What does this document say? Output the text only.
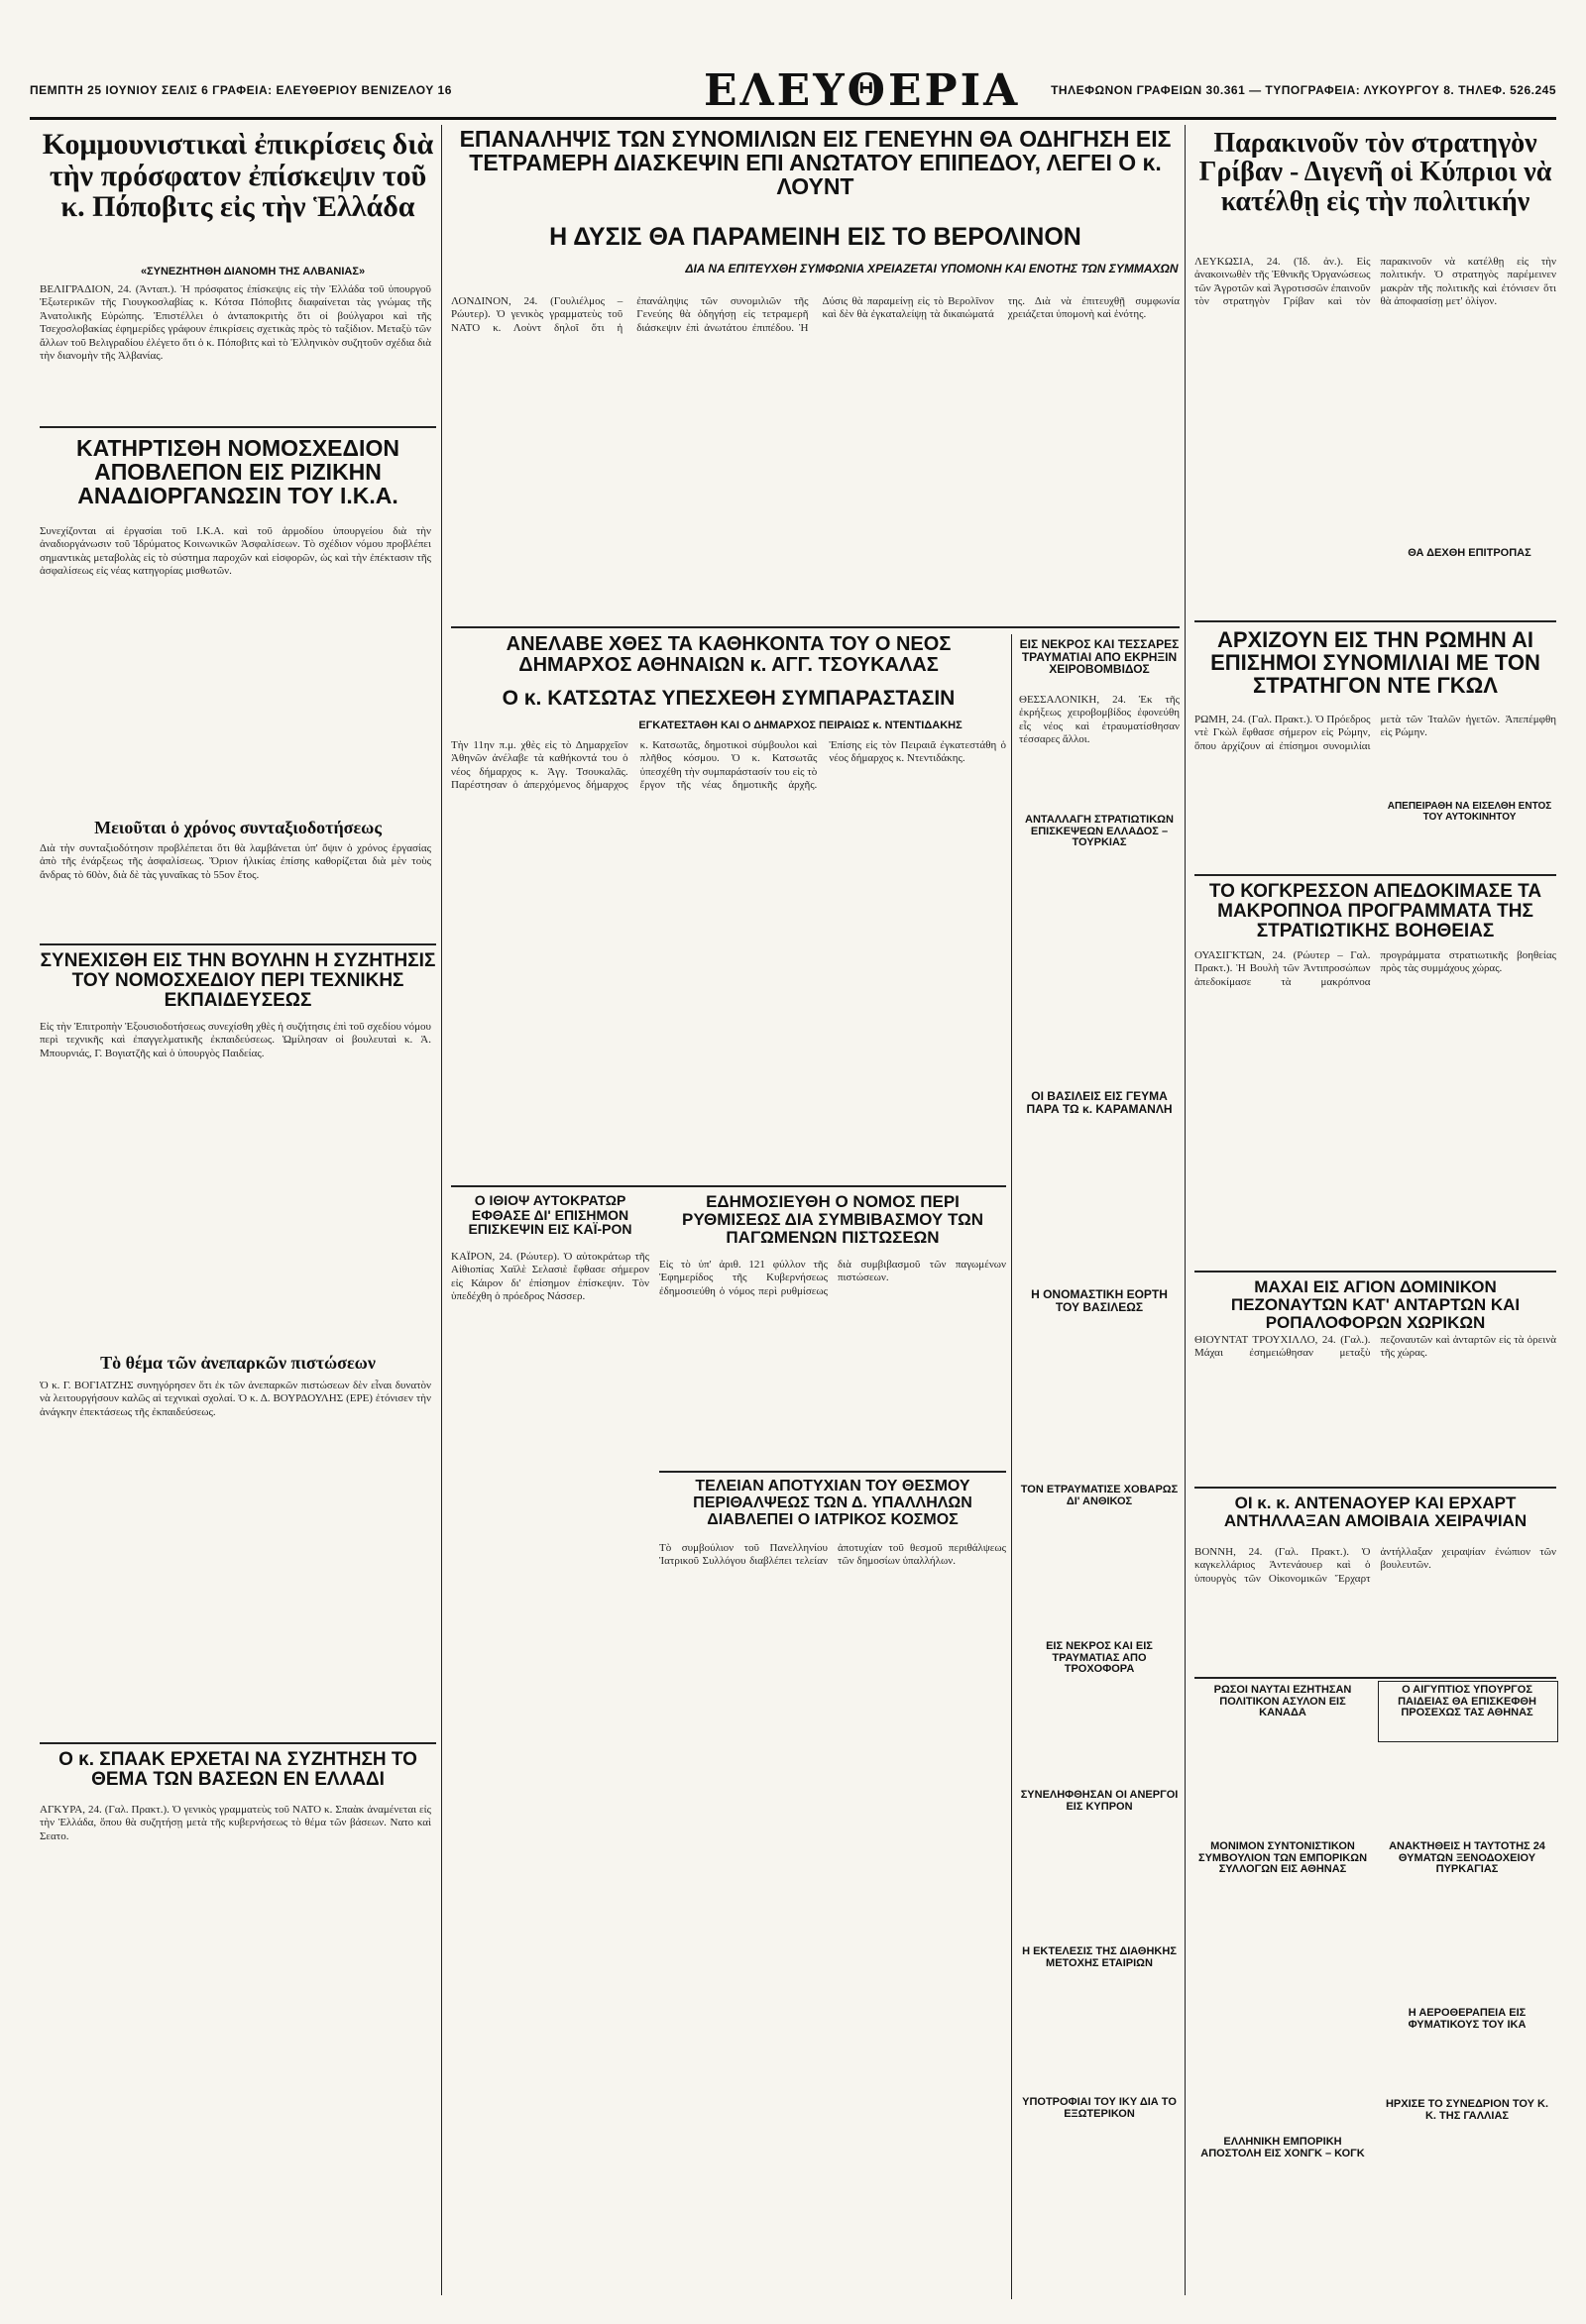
ΠΕΜΠΤΗ 25 ΙΟΥΝΙΟΥ ΣΕΛΙΣ 6 ΓΡΑΦΕΙΑ: ΕΛΕΥΘΕΡΙΟΥ ΒΕΝΙΖΕΛΟΥ 16	ΕΛΕΥΘΕΡΙΑ	ΤΗΛΕΦΩΝΟΝ ΓΡΑΦΕΙΩΝ 30.361 — ΤΥΠΟΓΡΑΦΕΙΑ: ΛΥΚΟΥΡΓΟΥ 8. ΤΗΛΕΦ. 526.245
Κομμουνιστικαὶ ἐπικρίσεις διὰ τὴν πρόσφατον ἐπίσκεψιν τοῦ κ. Πόποβιτς εἰς τὴν Ἑλλάδα
«ΣΥΝΕΖΗΤΗΘΗ ΔΙΑΝΟΜΗ ΤΗΣ ΑΛΒΑΝΙΑΣ»
ΒΕΛΙΓΡΑΔΙΟΝ, 24. (Ἀνταπ.). Ἡ πρόσφατος ἐπίσκεψις εἰς τὴν Ἑλλάδα τοῦ ὑπουργοῦ Ἐξωτερικῶν τῆς Γιουγκοσλαβίας κ. Κότσα Πόποβιτς διαφαίνεται τὰς γνώμας τῆς Ἀνατολικῆς Εὐρώπης. Ἐπιστέλλει ὁ ἀνταποκριτὴς ὅτι οἱ βούλγαροι καὶ τῆς Τσεχοσλοβακίας ἐφημερίδες γράφουν ἐπικρίσεις σχετικὰς πρὸς τὸ ταξίδιον. Μεταξὺ τῶν ἄλλων τοῦ Βελιγραδίου ἐλέγετο ὅτι ὁ κ. Πόποβιτς καὶ τὸ Ἑλληνικὸν συζητοῦν σχέδια διὰ τὴν διανομὴν τῆς Ἀλβανίας.
ΚΑΤΗΡΤΙΣΘΗ ΝΟΜΟΣΧΕΔΙΟΝ ΑΠΟΒΛΕΠΟΝ ΕΙΣ ΡΙΖΙΚΗΝ ΑΝΑΔΙΟΡΓΑΝΩΣΙΝ ΤΟΥ Ι.Κ.Α.
Συνεχίζονται αἱ ἐργασίαι τοῦ Ι.Κ.Α. καὶ τοῦ ἁρμοδίου ὑπουργείου διὰ τὴν ἀναδιοργάνωσιν τοῦ Ἱδρύματος Κοινωνικῶν Ἀσφαλίσεων. Τὸ σχέδιον νόμου προβλέπει σημαντικὰς μεταβολὰς εἰς τὸ σύστημα παροχῶν καὶ εἰσφορῶν, ὡς καὶ τὴν ἐπέκτασιν τῆς ἀσφαλίσεως εἰς νέας κατηγορίας μισθωτῶν.
Μειοῦται ὁ χρόνος συνταξιοδοτήσεως
Διὰ τὴν συνταξιοδότησιν προβλέπεται ὅτι θὰ λαμβάνεται ὑπ' ὄψιν ὁ χρόνος ἐργασίας ἀπὸ τῆς ἐνάρξεως τῆς ἀσφαλίσεως. Ὅριον ἡλικίας ἐπίσης καθορίζεται διὰ μὲν τοὺς ἄνδρας τὸ 60ὸν, διὰ δὲ τὰς γυναῖκας τὸ 55ον ἔτος.
ΣΥΝΕΧΙΣΘΗ ΕΙΣ ΤΗΝ ΒΟΥΛΗΝ Η ΣΥΖΗΤΗΣΙΣ ΤΟΥ ΝΟΜΟΣΧΕΔΙΟΥ ΠΕΡΙ ΤΕΧΝΙΚΗΣ ΕΚΠΑΙΔΕΥΣΕΩΣ
Εἰς τὴν Ἐπιτροπὴν Ἐξουσιοδοτήσεως συνεχίσθη χθὲς ἡ συζήτησις ἐπὶ τοῦ σχεδίου νόμου περὶ τεχνικῆς καὶ ἐπαγγελματικῆς ἐκπαιδεύσεως. Ὡμίλησαν οἱ βουλευταὶ κ. Ἀ. Μπουρνιάς, Γ. Βογιατζῆς καὶ ὁ ὑπουργὸς Παιδείας.
Τὸ θέμα τῶν ἀνεπαρκῶν πιστώσεων
Ὁ κ. Γ. ΒΟΓΙΑΤΖΗΣ συνηγόρησεν ὅτι ἐκ τῶν ἀνεπαρκῶν πιστώσεων δὲν εἶναι δυνατὸν νὰ λειτουργήσουν καλῶς αἱ τεχνικαὶ σχολαί. Ὁ κ. Δ. ΒΟΥΡΔΟΥΛΗΣ (ΕΡΕ) ἐτόνισεν τὴν ἀνάγκην ἐπεκτάσεως τῆς ἐκπαιδεύσεως.
Ο κ. ΣΠΑΑΚ ΕΡΧΕΤΑΙ ΝΑ ΣΥΖΗΤΗΣΗ ΤΟ ΘΕΜΑ ΤΩΝ ΒΑΣΕΩΝ ΕΝ ΕΛΛΑΔΙ
ΑΓΚΥΡΑ, 24. (Γαλ. Πρακτ.). Ὁ γενικὸς γραμματεὺς τοῦ ΝΑΤΟ κ. Σπαὰκ ἀναμένεται εἰς τὴν Ἑλλάδα, ὅπου θὰ συζητήσῃ μετὰ τῆς κυβερνήσεως τὸ θέμα τῶν βάσεων. Νατο καὶ Σεατο.
ΕΠΑΝΑΛΗΨΙΣ ΤΩΝ ΣΥΝΟΜΙΛΙΩΝ ΕΙΣ ΓΕΝΕΥΗΝ ΘΑ ΟΔΗΓΗΣΗ ΕΙΣ ΤΕΤΡΑΜΕΡΗ ΔΙΑΣΚΕΨΙΝ ΕΠΙ ΑΝΩΤΑΤΟΥ ΕΠΙΠΕΔΟΥ, ΛΕΓΕΙ Ο κ. ΛΟΥΝΤ
Η ΔΥΣΙΣ ΘΑ ΠΑΡΑΜΕΙΝΗ ΕΙΣ ΤΟ ΒΕΡΟΛΙΝΟΝ
ΔΙΑ ΝΑ ΕΠΙΤΕΥΧΘΗ ΣΥΜΦΩΝΙΑ ΧΡΕΙΑΖΕΤΑΙ ΥΠΟΜΟΝΗ ΚΑΙ ΕΝΟΤΗΣ ΤΩΝ ΣΥΜΜΑΧΩΝ
ΛΟΝΔΙΝΟΝ, 24. (Γουλιέλμος – Ρώυτερ). Ὁ γενικὸς γραμματεὺς τοῦ ΝΑΤΟ κ. Λοὺντ δηλοῖ ὅτι ἡ ἐπανάληψις τῶν συνομιλιῶν τῆς Γενεύης θὰ ὁδηγήσῃ εἰς τετραμερῆ διάσκεψιν ἐπὶ ἀνωτάτου ἐπιπέδου. Ἡ Δύσις θὰ παραμείνῃ εἰς τὸ Βερολῖνον καὶ δὲν θὰ ἐγκαταλείψῃ τὰ δικαιώματά της. Διὰ νὰ ἐπιτευχθῇ συμφωνία χρειάζεται ὑπομονὴ καὶ ἑνότης.
ΑΝΕΛΑΒΕ ΧΘΕΣ ΤΑ ΚΑΘΗΚΟΝΤΑ ΤΟΥ Ο ΝΕΟΣ ΔΗΜΑΡΧΟΣ ΑΘΗΝΑΙΩΝ κ. ΑΓΓ. ΤΣΟΥΚΑΛΑΣ
Ο κ. ΚΑΤΣΩΤΑΣ ΥΠΕΣΧΕΘΗ ΣΥΜΠΑΡΑΣΤΑΣΙΝ
ΕΓΚΑΤΕΣΤΑΘΗ ΚΑΙ Ο ΔΗΜΑΡΧΟΣ ΠΕΙΡΑΙΩΣ κ. ΝΤΕΝΤΙΔΑΚΗΣ
Τὴν 11ην π.μ. χθὲς εἰς τὸ Δημαρχεῖον Ἀθηνῶν ἀνέλαβε τὰ καθήκοντά του ὁ νέος δήμαρχος κ. Ἀγγ. Τσουκαλᾶς. Παρέστησαν ὁ ἀπερχόμενος δήμαρχος κ. Κατσωτᾶς, δημοτικοὶ σύμβουλοι καὶ πλῆθος κόσμου. Ὁ κ. Κατσωτᾶς ὑπεσχέθη τὴν συμπαράστασίν του εἰς τὸ ἔργον τῆς νέας δημοτικῆς ἀρχῆς. Ἐπίσης εἰς τὸν Πειραιᾶ ἐγκατεστάθη ὁ νέος δήμαρχος κ. Ντεντιδάκης.
Ο ΙΘΙΟΨ ΑΥΤΟΚΡΑΤΩΡ ΕΦΘΑΣΕ ΔΙ' ΕΠΙΣΗΜΟΝ ΕΠΙΣΚΕΨΙΝ ΕΙΣ ΚΑΪ-ΡΟΝ
ΚΑΪΡΟΝ, 24. (Ρώυτερ). Ὁ αὐτοκράτωρ τῆς Αἰθιοπίας Χαϊλὲ Σελασιὲ ἔφθασε σήμερον εἰς Κάιρον δι' ἐπίσημον ἐπίσκεψιν. Τὸν ὑπεδέχθη ὁ πρόεδρος Νάσσερ.
ΕΔΗΜΟΣΙΕΥΘΗ Ο ΝΟΜΟΣ ΠΕΡΙ ΡΥΘΜΙΣΕΩΣ ΔΙΑ ΣΥΜΒΙΒΑΣΜΟΥ ΤΩΝ ΠΑΓΩΜΕΝΩΝ ΠΙΣΤΩΣΕΩΝ
Εἰς τὸ ὑπ' ἀριθ. 121 φύλλον τῆς Ἐφημερίδος τῆς Κυβερνήσεως ἐδημοσιεύθη ὁ νόμος περὶ ρυθμίσεως διὰ συμβιβασμοῦ τῶν παγωμένων πιστώσεων.
ΤΕΛΕΙΑΝ ΑΠΟΤΥΧΙΑΝ ΤΟΥ ΘΕΣΜΟΥ ΠΕΡΙΘΑΛΨΕΩΣ ΤΩΝ Δ. ΥΠΑΛΛΗΛΩΝ ΔΙΑΒΛΕΠΕΙ Ο ΙΑΤΡΙΚΟΣ ΚΟΣΜΟΣ
Τὸ συμβούλιον τοῦ Πανελληνίου Ἰατρικοῦ Συλλόγου διαβλέπει τελείαν ἀποτυχίαν τοῦ θεσμοῦ περιθάλψεως τῶν δημοσίων ὑπαλλήλων.
ΕΙΣ ΝΕΚΡΟΣ ΚΑΙ ΤΕΣΣΑΡΕΣ ΤΡΑΥΜΑΤΙΑΙ ΑΠΟ ΕΚΡΗΞΙΝ ΧΕΙΡΟΒΟΜΒΙΔΟΣ
ΘΕΣΣΑΛΟΝΙΚΗ, 24. Ἐκ τῆς ἐκρήξεως χειροβομβίδος ἐφονεύθη εἷς νέος καὶ ἐτραυματίσθησαν τέσσαρες ἄλλοι.
ΑΝΤΑΛΛΑΓΗ ΣΤΡΑΤΙΩΤΙΚΩΝ ΕΠΙΣΚΕΨΕΩΝ ΕΛΛΑΔΟΣ – ΤΟΥΡΚΙΑΣ
ΟΙ ΒΑΣΙΛΕΙΣ ΕΙΣ ΓΕΥΜΑ ΠΑΡΑ ΤΩ κ. ΚΑΡΑΜΑΝΛΗ
Η ΟΝΟΜΑΣΤΙΚΗ ΕΟΡΤΗ ΤΟΥ ΒΑΣΙΛΕΩΣ
ΤΟΝ ΕΤΡΑΥΜΑΤΙΣΕ ΧΟΒΑΡΩΣ ΔΙ' ΑΝΘΙΚΟΣ
ΕΙΣ ΝΕΚΡΟΣ ΚΑΙ ΕΙΣ ΤΡΑΥΜΑΤΙΑΣ ΑΠΟ ΤΡΟΧΟΦΟΡΑ
ΣΥΝΕΛΗΦΘΗΣΑΝ ΟΙ ΑΝΕΡΓΟΙ ΕΙΣ ΚΥΠΡΟΝ
Η ΕΚΤΕΛΕΣΙΣ ΤΗΣ ΔΙΑΘΗΚΗΣ ΜΕΤΟΧΗΣ ΕΤΑΙΡΙΩΝ
ΥΠΟΤΡΟΦΙΑΙ ΤΟΥ ΙΚΥ ΔΙΑ ΤΟ ΕΞΩΤΕΡΙΚΟΝ
Παρακινοῦν τὸν στρατηγὸν Γρίβαν - Διγενῆ οἱ Κύπριοι νὰ κατέλθῃ εἰς τὴν πολιτικήν
ΛΕΥΚΩΣΙΑ, 24. (Ἰδ. ἀν.). Εἰς ἀνακοινωθὲν τῆς Ἐθνικῆς Ὀργανώσεως τῶν Ἀγροτῶν καὶ Ἀγροτισσῶν ἐπαινοῦν τὸν στρατηγὸν Γρίβαν καὶ τὸν παρακινοῦν νὰ κατέλθῃ εἰς τὴν πολιτικήν. Ὁ στρατηγὸς παρέμεινεν μακρὰν τῆς πολιτικῆς καὶ ἐτόνισεν ὅτι θὰ ἀποφασίσῃ μετ' ὀλίγον.
ΘΑ ΔΕΧΘΗ ΕΠΙΤΡΟΠΑΣ
ΑΡΧΙΖΟΥΝ ΕΙΣ ΤΗΝ ΡΩΜΗΝ ΑΙ ΕΠΙΣΗΜΟΙ ΣΥΝΟΜΙΛΙΑΙ ΜΕ ΤΟΝ ΣΤΡΑΤΗΓΟΝ ΝΤΕ ΓΚΩΛ
ΡΩΜΗ, 24. (Γαλ. Πρακτ.). Ὁ Πρόεδρος ντὲ Γκὼλ ἔφθασε σήμερον εἰς Ρώμην, ὅπου ἀρχίζουν αἱ ἐπίσημοι συνομιλίαι μετὰ τῶν Ἰταλῶν ἡγετῶν. Ἀπεπέμφθη εἰς Ρώμην.
ΑΠΕΠΕΙΡΑΘΗ ΝΑ ΕΙΣΕΛΘΗ ΕΝΤΟΣ ΤΟΥ ΑΥΤΟΚΙΝΗΤΟΥ
ΤΟ ΚΟΓΚΡΕΣΣΟΝ ΑΠΕΔΟΚΙΜΑΣΕ ΤΑ ΜΑΚΡΟΠΝΟΑ ΠΡΟΓΡΑΜΜΑΤΑ ΤΗΣ ΣΤΡΑΤΙΩΤΙΚΗΣ ΒΟΗΘΕΙΑΣ
ΟΥΑΣΙΓΚΤΩΝ, 24. (Ρώυτερ – Γαλ. Πρακτ.). Ἡ Βουλὴ τῶν Ἀντιπροσώπων ἀπεδοκίμασε τὰ μακρόπνοα προγράμματα στρατιωτικῆς βοηθείας πρὸς τὰς συμμάχους χώρας.
ΜΑΧΑΙ ΕΙΣ ΑΓΙΟΝ ΔΟΜΙΝΙΚΟΝ ΠΕΖΟΝΑΥΤΩΝ ΚΑΤ' ΑΝΤΑΡΤΩΝ ΚΑΙ ΡΟΠΑΛΟΦΟΡΩΝ ΧΩΡΙΚΩΝ
ΘΙΟΥΝΤΑΤ ΤΡΟΥΧΙΛΛΟ, 24. (Γαλ.). Μάχαι ἐσημειώθησαν μεταξὺ πεζοναυτῶν καὶ ἀνταρτῶν εἰς τὰ ὀρεινὰ τῆς χώρας.
ΟΙ κ. κ. ΑΝΤΕΝΑΟΥΕΡ ΚΑΙ ΕΡΧΑΡΤ ΑΝΤΗΛΛΑΞΑΝ ΑΜΟΙΒΑΙΑ ΧΕΙΡΑΨΙΑΝ
ΒΟΝΝΗ, 24. (Γαλ. Πρακτ.). Ὁ καγκελλάριος Ἀντενάουερ καὶ ὁ ὑπουργὸς τῶν Οἰκονομικῶν Ἔρχαρτ ἀντήλλαξαν χειραψίαν ἐνώπιον τῶν βουλευτῶν.
ΡΩΣΟΙ ΝΑΥΤΑΙ ΕΖΗΤΗΣΑΝ ΠΟΛΙΤΙΚΟΝ ΑΣΥΛΟΝ ΕΙΣ ΚΑΝΑΔΑ
Ο ΑΙΓΥΠΤΙΟΣ ΥΠΟΥΡΓΟΣ ΠΑΙΔΕΙΑΣ ΘΑ ΕΠΙΣΚΕΦΘΗ ΠΡΟΣΕΧΩΣ ΤΑΣ ΑΘΗΝΑΣ
ΜΟΝΙΜΟΝ ΣΥΝΤΟΝΙΣΤΙΚΟΝ ΣΥΜΒΟΥΛΙΟΝ ΤΩΝ ΕΜΠΟΡΙΚΩΝ ΣΥΛΛΟΓΩΝ ΕΙΣ ΑΘΗΝΑΣ
ΑΝΑΚΤΗΘΕΙΣ Η ΤΑΥΤΟΤΗΣ 24 ΘΥΜΑΤΩΝ ΞΕΝΟΔΟΧΕΙΟΥ ΠΥΡΚΑΓΙΑΣ
ΕΛΛΗΝΙΚΗ ΕΜΠΟΡΙΚΗ ΑΠΟΣΤΟΛΗ ΕΙΣ ΧΟΝΓΚ – ΚΟΓΚ
Η ΑΕΡΟΘΕΡΑΠΕΙΑ ΕΙΣ ΦΥΜΑΤΙΚΟΥΣ ΤΟΥ ΙΚΑ
ΗΡΧΙΣΕ ΤΟ ΣΥΝΕΔΡΙΟΝ ΤΟΥ Κ. Κ. ΤΗΣ ΓΑΛΛΙΑΣ
